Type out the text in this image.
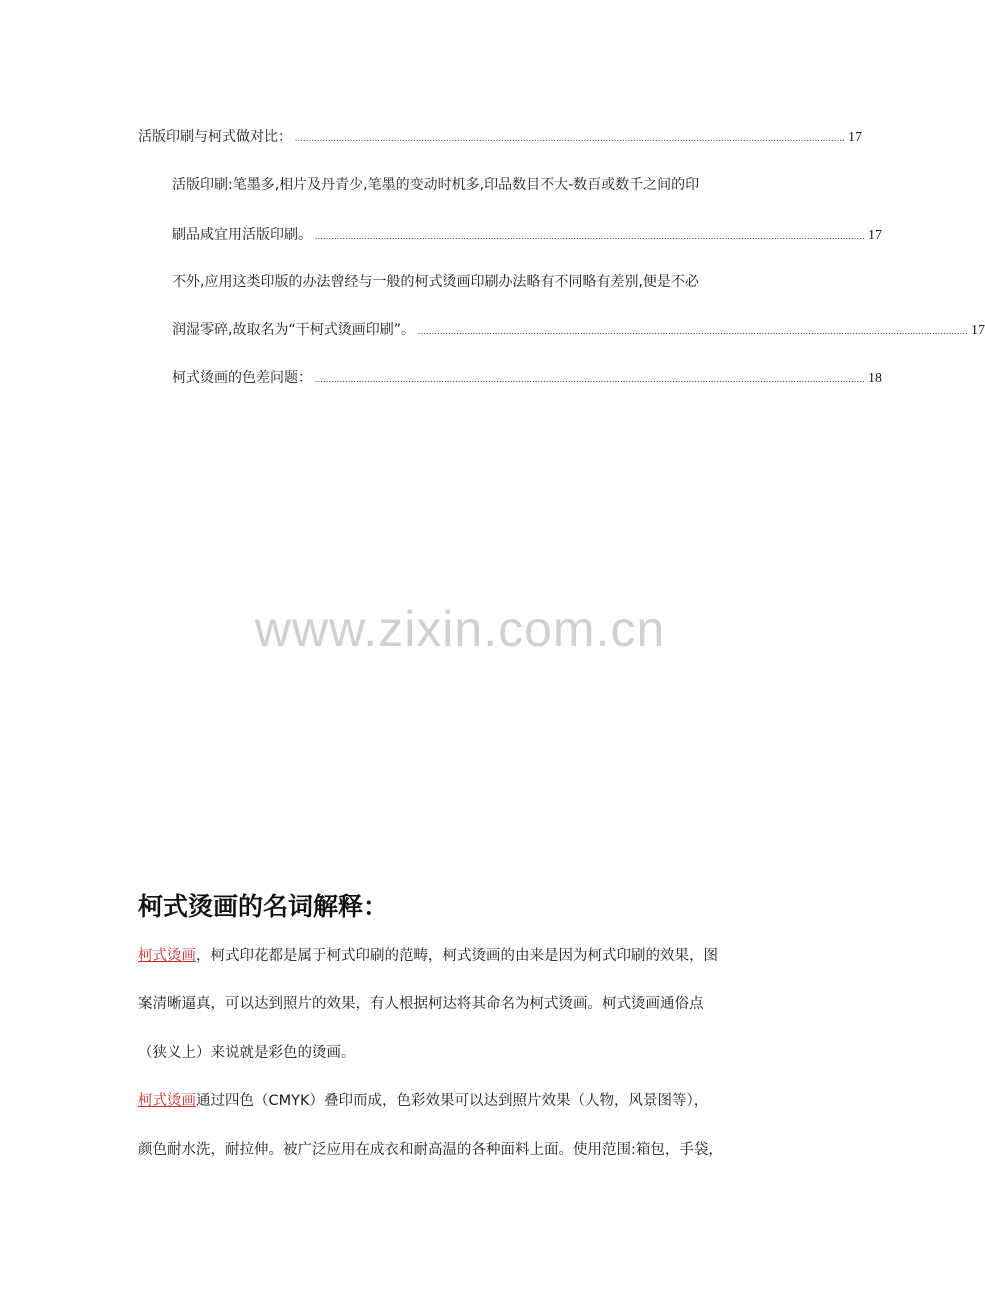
活版印刷与柯式做对比： ........................................................................................................................................................................................................ 17
活版印刷:笔墨多,相片及丹青少,笔墨的变动时机多,印品数目不大-数百或数千之间的印
刷品咸宜用活版印刷。 ........................................................................................................................................................................................................ 17
不外,应用这类印版的办法曾经与一般的柯式烫画印刷办法略有不同略有差别,便是不必
润湿零碎,故取名为“干柯式烫画印刷”。 ........................................................................................................................................................................................................ 17
柯式烫画的色差问题： ........................................................................................................................................................................................................ 18
www.zixin.com.cn
柯式烫画的名词解释：
柯式烫画，柯式印花都是属于柯式印刷的范畴，柯式烫画的由来是因为柯式印刷的效果，图
案清晰逼真，可以达到照片的效果，有人根据柯达将其命名为柯式烫画。柯式烫画通俗点
（狭义上）来说就是彩色的烫画。
柯式烫画通过四色（CMYK）叠印而成，色彩效果可以达到照片效果（人物，风景图等），
颜色耐水洗，耐拉伸。被广泛应用在成衣和耐高温的各种面料上面。使用范围:箱包，手袋，
